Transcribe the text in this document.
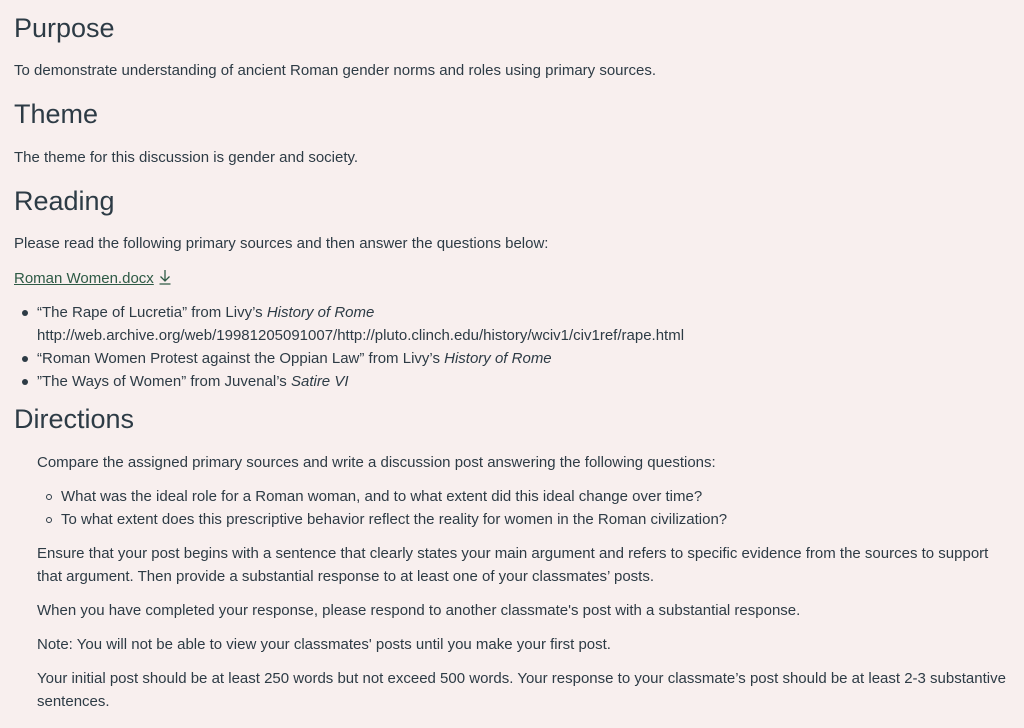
Purpose

To demonstrate understanding of ancient Roman gender norms and roles using primary sources.

Theme

The theme for this discussion is gender and society.

Reading

Please read the following primary sources and then answer the questions below:

Roman Women.docx
“The Rape of Lucretia” from Livy’s History of Rome
http://web.archive.org/web/19981205091007/http://pluto.clinch.edu/history/wciv1/civ1ref/rape.html
“Roman Women Protest against the Oppian Law” from Livy’s History of Rome
”The Ways of Women” from Juvenal’s Satire VI
Directions

Compare the assigned primary sources and write a discussion post answering the following questions:

What was the ideal role for a Roman woman, and to what extent did this ideal change over time?
To what extent does this prescriptive behavior reflect the reality for women in the Roman civilization?

Ensure that your post begins with a sentence that clearly states your main argument and refers to specific evidence from the sources to support that argument. Then provide a substantial response to at least one of your classmates’ posts.

When you have completed your response, please respond to another classmate's post with a substantial response.

Note: You will not be able to view your classmates' posts until you make your first post.

Your initial post should be at least 250 words but not exceed 500 words. Your response to your classmate’s post should be at least 2-3 substantive sentences.
